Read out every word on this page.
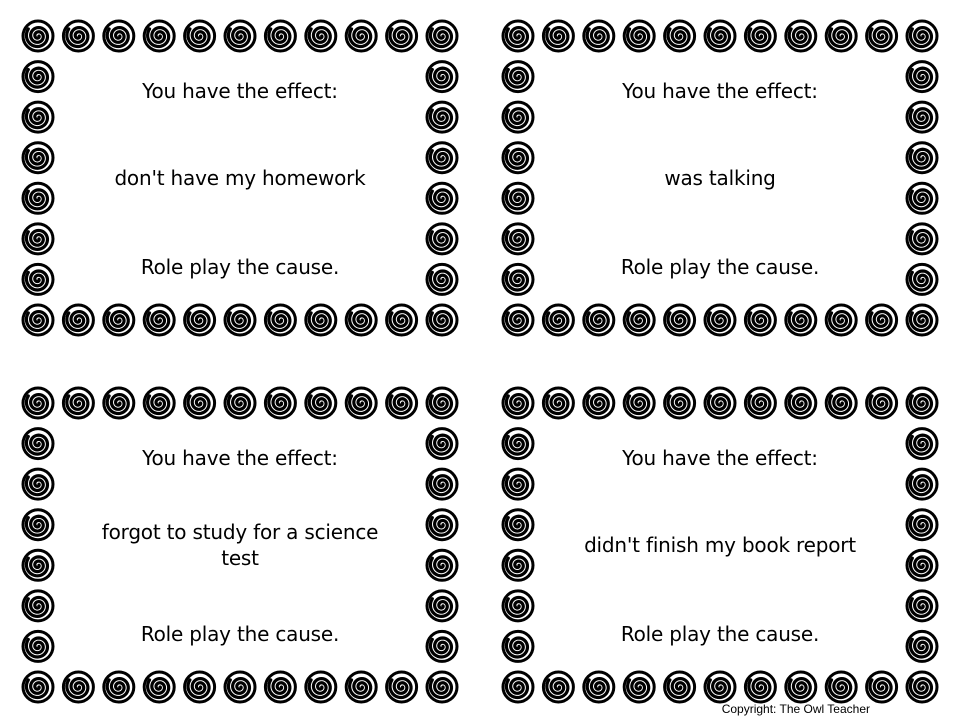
You have the effect:
don't have my homework
Role play the cause.
You have the effect:
was talking
Role play the cause.
You have the effect:
forgot to study for a science test
Role play the cause.
You have the effect:
didn't finish my book report
Role play the cause.
Copyright: The Owl Teacher
